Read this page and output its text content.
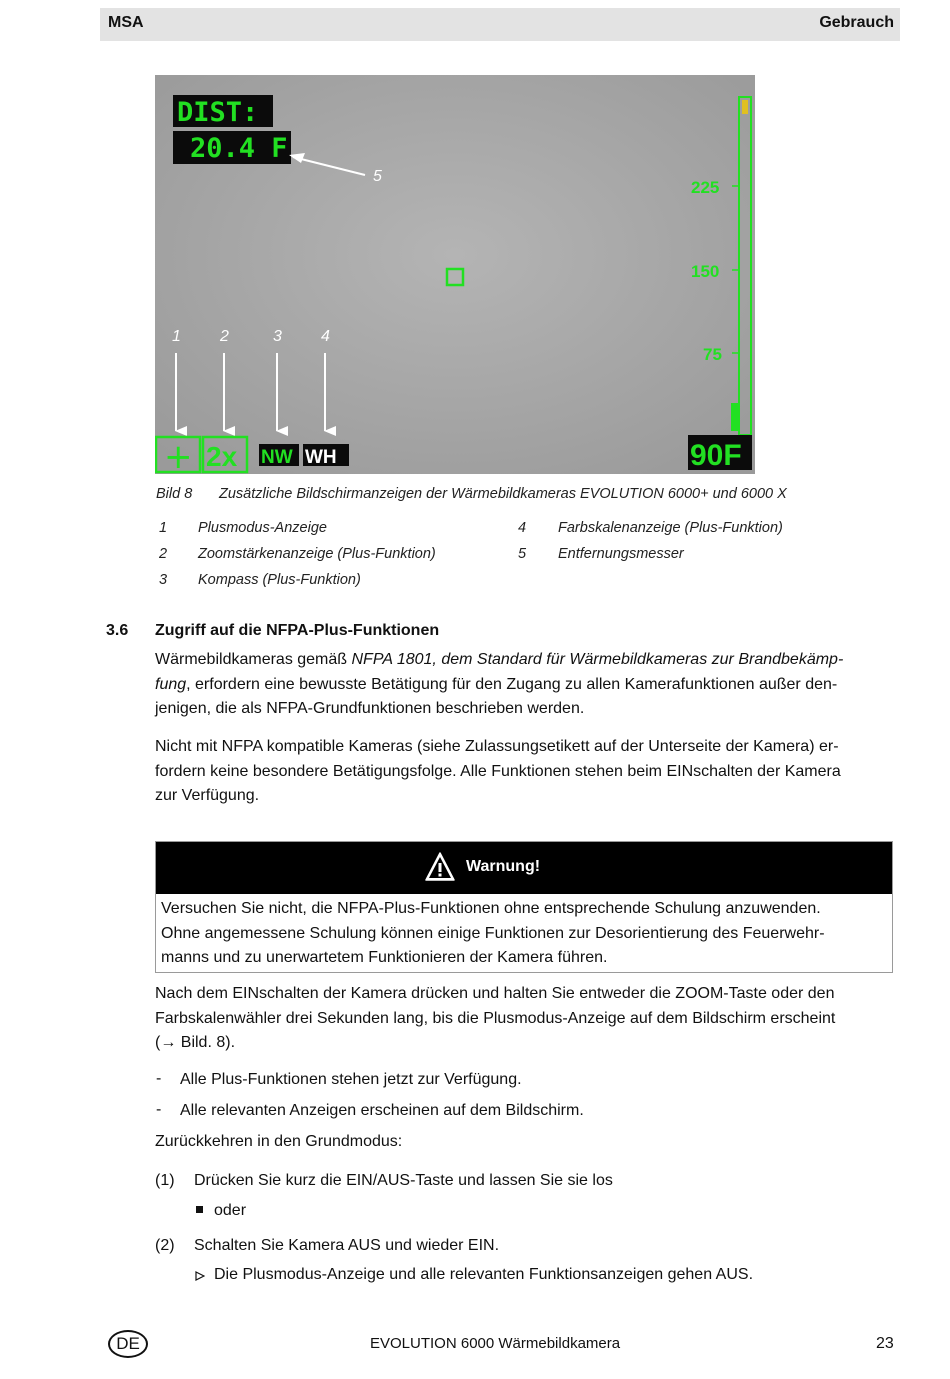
MSA	Gebrauch
DIST:
20.4 F
5
225
150
75
90F
1 2	3 4
+ 2x NW WH
Bild 8 Zusätzliche Bildschirmanzeigen der Wärmebildkameras EVOLUTION 6000+ und 6000 X
1 Plusmodus-Anzeige
2 Zoomstärkenanzeige (Plus-Funktion)
3 Kompass (Plus-Funktion)
4 Farbskalenanzeige (Plus-Funktion)
5 Entfernungsmesser
3.6 Zugriff auf die NFPA-Plus-Funktionen
Wärmebildkameras gemäß NFPA 1801, dem Standard für Wärmebildkameras zur Brandbekämp-
fung, erfordern eine bewusste Betätigung für den Zugang zu allen Kamerafunktionen außer den-
jenigen, die als NFPA-Grundfunktionen beschrieben werden.
Nicht mit NFPA kompatible Kameras (siehe Zulassungsetikett auf der Unterseite der Kamera) er-
fordern keine besondere Betätigungsfolge. Alle Funktionen stehen beim EINschalten der Kamera
zur Verfügung.
Warnung!
Versuchen Sie nicht, die NFPA-Plus-Funktionen ohne entsprechende Schulung anzuwenden.
Ohne angemessene Schulung können einige Funktionen zur Desorientierung des Feuerwehr-
manns und zu unerwartetem Funktionieren der Kamera führen.
Nach dem EINschalten der Kamera drücken und halten Sie entweder die ZOOM-Taste oder den
Farbskalenwähler drei Sekunden lang, bis die Plusmodus-Anzeige auf dem Bildschirm erscheint
(→ Bild. 8).
- Alle Plus-Funktionen stehen jetzt zur Verfügung.
- Alle relevanten Anzeigen erscheinen auf dem Bildschirm.
Zurückkehren in den Grundmodus:
(1) Drücken Sie kurz die EIN/AUS-Taste und lassen Sie sie los
oder
(2) Schalten Sie Kamera AUS und wieder EIN.
Die Plusmodus-Anzeige und alle relevanten Funktionsanzeigen gehen AUS.
DE	EVOLUTION 6000 Wärmebildkamera	23
